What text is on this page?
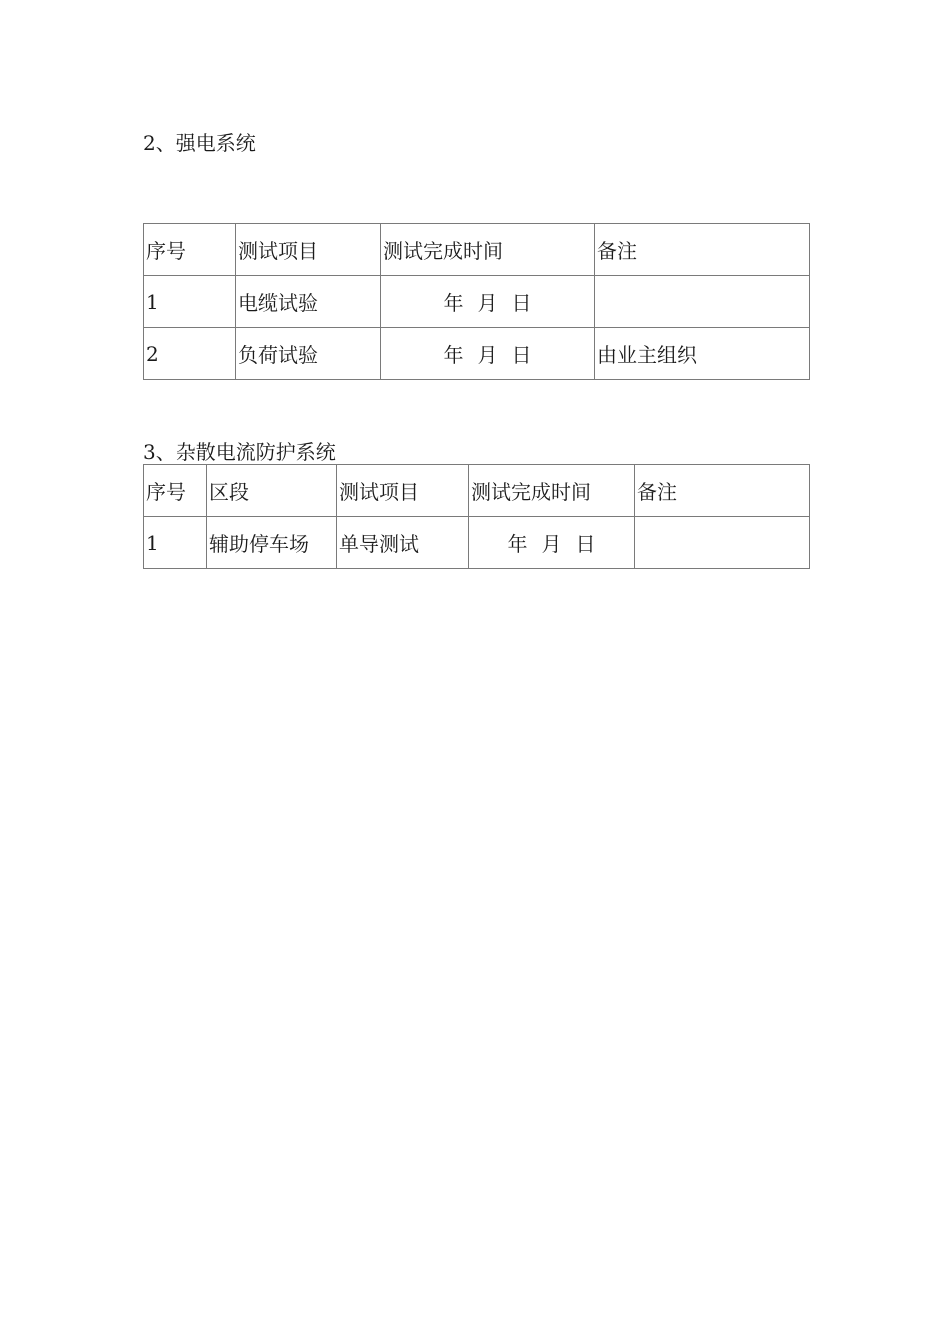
2、强电系统
序号	测试项目	测试完成时间	备注
1	电缆试验	年 月 日	
2	负荷试验	年 月 日	由业主组织
3、杂散电流防护系统
序号	区段	测试项目	测试完成时间	备注
1	辅助停车场	单导测试	年 月 日	
